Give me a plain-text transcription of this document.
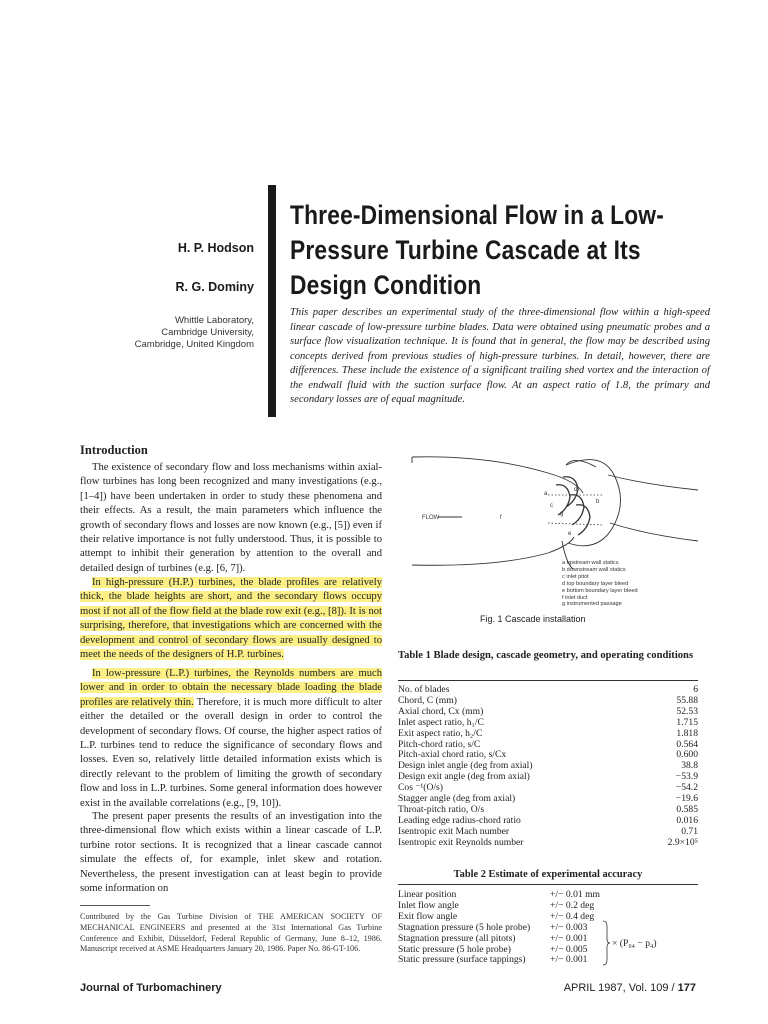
Three-Dimensional Flow in a Low-Pressure Turbine Cascade at Its Design Condition
H. P. Hodson
R. G. Dominy
Whittle Laboratory,
Cambridge University,
Cambridge, United Kingdom
This paper describes an experimental study of the three-dimensional flow within a high-speed linear cascade of low-pressure turbine blades. Data were obtained using pneumatic probes and a surface flow visualization technique. It is found that in general, the flow may be described using concepts derived from previous studies of high-pressure turbines. In detail, however, there are differences. These include the existence of a significant trailing shed vortex and the interaction of the endwall fluid with the suction surface flow. At an aspect ratio of 1.8, the primary and secondary losses are of equal magnitude.
Introduction

The existence of secondary flow and loss mechanisms within axial-flow turbines has long been recognized and many investigations (e.g., [1–4]) have been undertaken in order to study these phenomena and their effects. As a result, the main parameters which influence the growth of secondary flows and losses are now known (e.g., [5]) even if their relative importance is not fully understood. Thus, it is possible to attempt to inhibit their generation by attention to the overall and detailed design of turbines (e.g. [6, 7]).

In high-pressure (H.P.) turbines, the blade profiles are relatively thick, the blade heights are short, and the secondary flows occupy most if not all of the flow field at the blade row exit (e.g., [8]). It is not surprising, therefore, that investigations which are concerned with the development and control of secondary flows are usually designed to meet the needs of the designers of H.P. turbines.

In low-pressure (L.P.) turbines, the Reynolds numbers are much lower and in order to obtain the necessary blade loading the blade profiles are relatively thin. Therefore, it is much more difficult to alter either the detailed or the overall design in order to control the development of secondary flows. Of course, the higher aspect ratios of L.P. turbines tend to reduce the significance of secondary flows and losses. Even so, relatively little detailed information exists which is directly relevant to the problem of limiting the growth of secondary flow and loss in L.P. turbines. Some general information does however exist in the available correlations (e.g., [9, 10]).

The present paper presents the results of an investigation into the three-dimensional flow which exists within a linear cascade of L.P. turbine rotor sections. It is recognized that a linear cascade cannot simulate the effects of, for example, inlet skew and rotation. Nevertheless, the present investigation can at least begin to provide some information on

Contributed by the Gas Turbine Division of THE AMERICAN SOCIETY OF MECHANICAL ENGINEERS and presented at the 31st International Gas Turbine Conference and Exhibit, Düsseldorf, Federal Republic of Germany, June 8–12, 1986. Manuscript received at ASME Headquarters January 20, 1986. Paper No. 86-GT-106.
FLOW	f
a
b
g
d
e
c
a upstream wall statics
b downstream wall statics
c inlet pitot
d top boundary layer bleed
e bottom boundary layer bleed
f inlet duct
g instrumented passage
Fig. 1 Cascade installation
Table 1 Blade design, cascade geometry, and operating conditions
No. of blades	6
Chord, C (mm)	55.88
Axial chord, Cx (mm)	52.53
Inlet aspect ratio, h₁/C	1.715
Exit aspect ratio, h₂/C	1.818
Pitch-chord ratio, s/C	0.564
Pitch-axial chord ratio, s/Cx	0.600
Design inlet angle (deg from axial)	38.8
Design exit angle (deg from axial)	−53.9
Cos ⁻¹(O/s)	−54.2
Stagger angle (deg from axial)	−19.6
Throat-pitch ratio, O/s	0.585
Leading edge radius-chord ratio	0.016
Isentropic exit Mach number	0.71
Isentropic exit Reynolds number	2.9×10⁵
Table 2 Estimate of experimental accuracy
Linear position	+/− 0.01 mm
Inlet flow angle	+/− 0.2 deg
Exit flow angle	+/− 0.4 deg
Stagnation pressure (5 hole probe)	+/− 0.003
Stagnation pressure (all pitots)	+/− 0.001
Static pressure (5 hole probe)	+/− 0.005
Static pressure (surface tappings)	+/− 0.001
× (P₀₄ − p₄)
Journal of Turbomachinery	APRIL 1987, Vol. 109 / 177
